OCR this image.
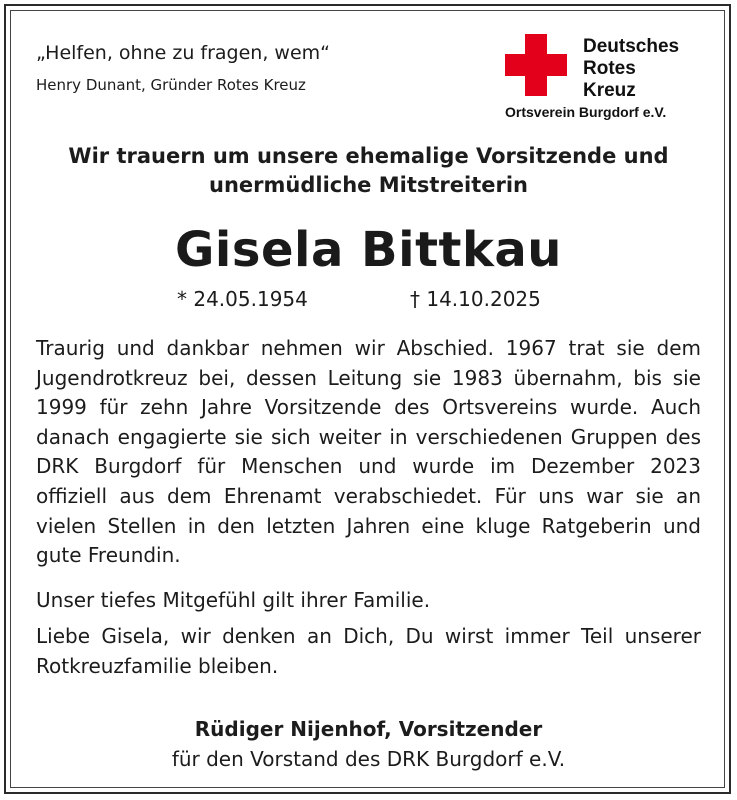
„Helfen, ohne zu fragen, wem“
Henry Dunant, Gründer Rotes Kreuz
Deutsches
Rotes
Kreuz
Ortsverein Burgdorf e.V.
Wir trauern um unsere ehemalige Vorsitzende und
unermüdliche Mitstreiterin
Gisela Bittkau
* 24.05.1954	† 14.10.2025
Traurig und dankbar nehmen wir Abschied. 1967 trat sie dem Jugendrotkreuz bei, dessen Leitung sie 1983 übernahm, bis sie 1999 für zehn Jahre Vorsitzende des Ortsvereins wurde. Auch danach engagierte sie sich weiter in verschiedenen Gruppen des DRK Burgdorf für Menschen und wurde im Dezember 2023 offiziell aus dem Ehrenamt verabschiedet. Für uns war sie an vielen Stellen in den letzten Jahren eine kluge Ratgeberin und gute Freundin.
Unser tiefes Mitgefühl gilt ihrer Familie.
Liebe Gisela, wir denken an Dich, Du wirst immer Teil unserer Rotkreuzfamilie bleiben.
Rüdiger Nijenhof, Vorsitzender
für den Vorstand des DRK Burgdorf e.V.
